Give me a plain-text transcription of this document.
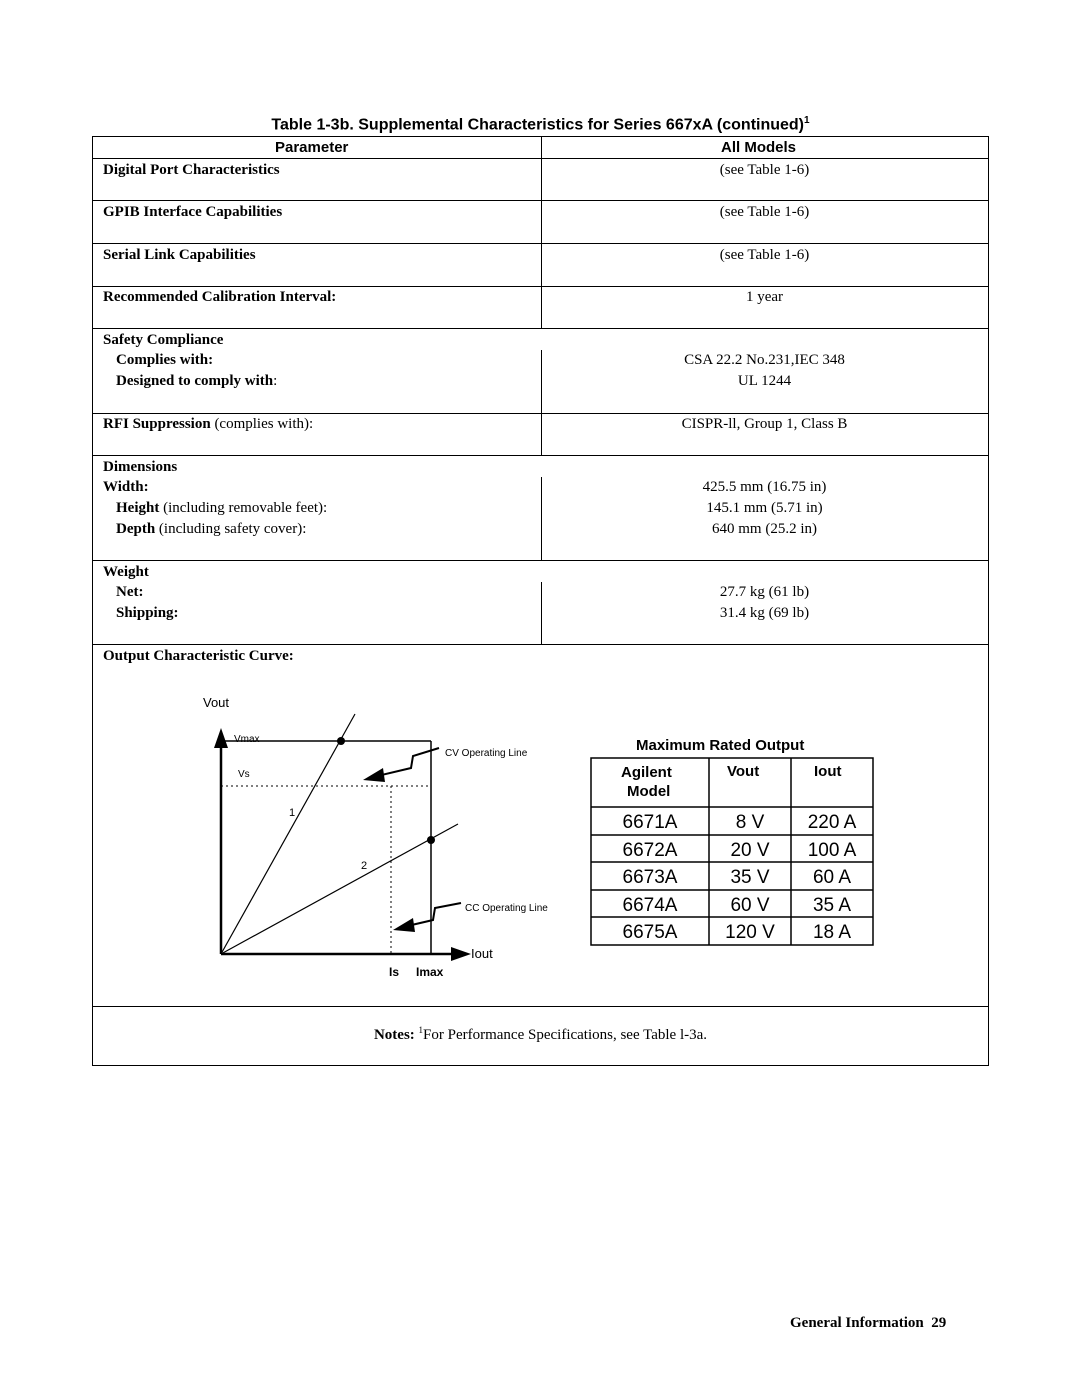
Table 1-3b. Supplemental Characteristics for Series 667xA (continued)$^1$
Parameter	All Models
Digital Port Characteristics	(see Table 1-6)
GPIB Interface Capabilities	(see Table 1-6)
Serial Link Capabilities	(see Table 1-6)
Recommended Calibration Interval:	1 year
Safety Compliance
Complies with:	CSA 22.2 No.231,IEC 348
Designed to comply with:	UL 1244
RFI Suppression (complies with):	CISPR-ll, Group 1, Class B
Dimensions
Width:	425.5 mm (16.75 in)
Height (including removable feet):	145.1 mm (5.71 in)
Depth (including safety cover):	640 mm (25.2 in)
Weight
Net:	27.7 kg (61 lb)
Shipping:	31.4 kg (69 lb)
Output Characteristic Curve:
Vout
Iout
Vmax
Vs
Is Imax
1
2
CV Operating Line
CC Operating Line
Maximum Rated Output
Agilent
Model
Vout	Iout
6671A	8 V 220 A
6672A	20 V 100 A
6673A	35 V 60 A
6674A	60 V 35 A
6675A	120 V 18 A
Notes: $^1$For Performance Specifications, see Table l-3a.
General Information 29
